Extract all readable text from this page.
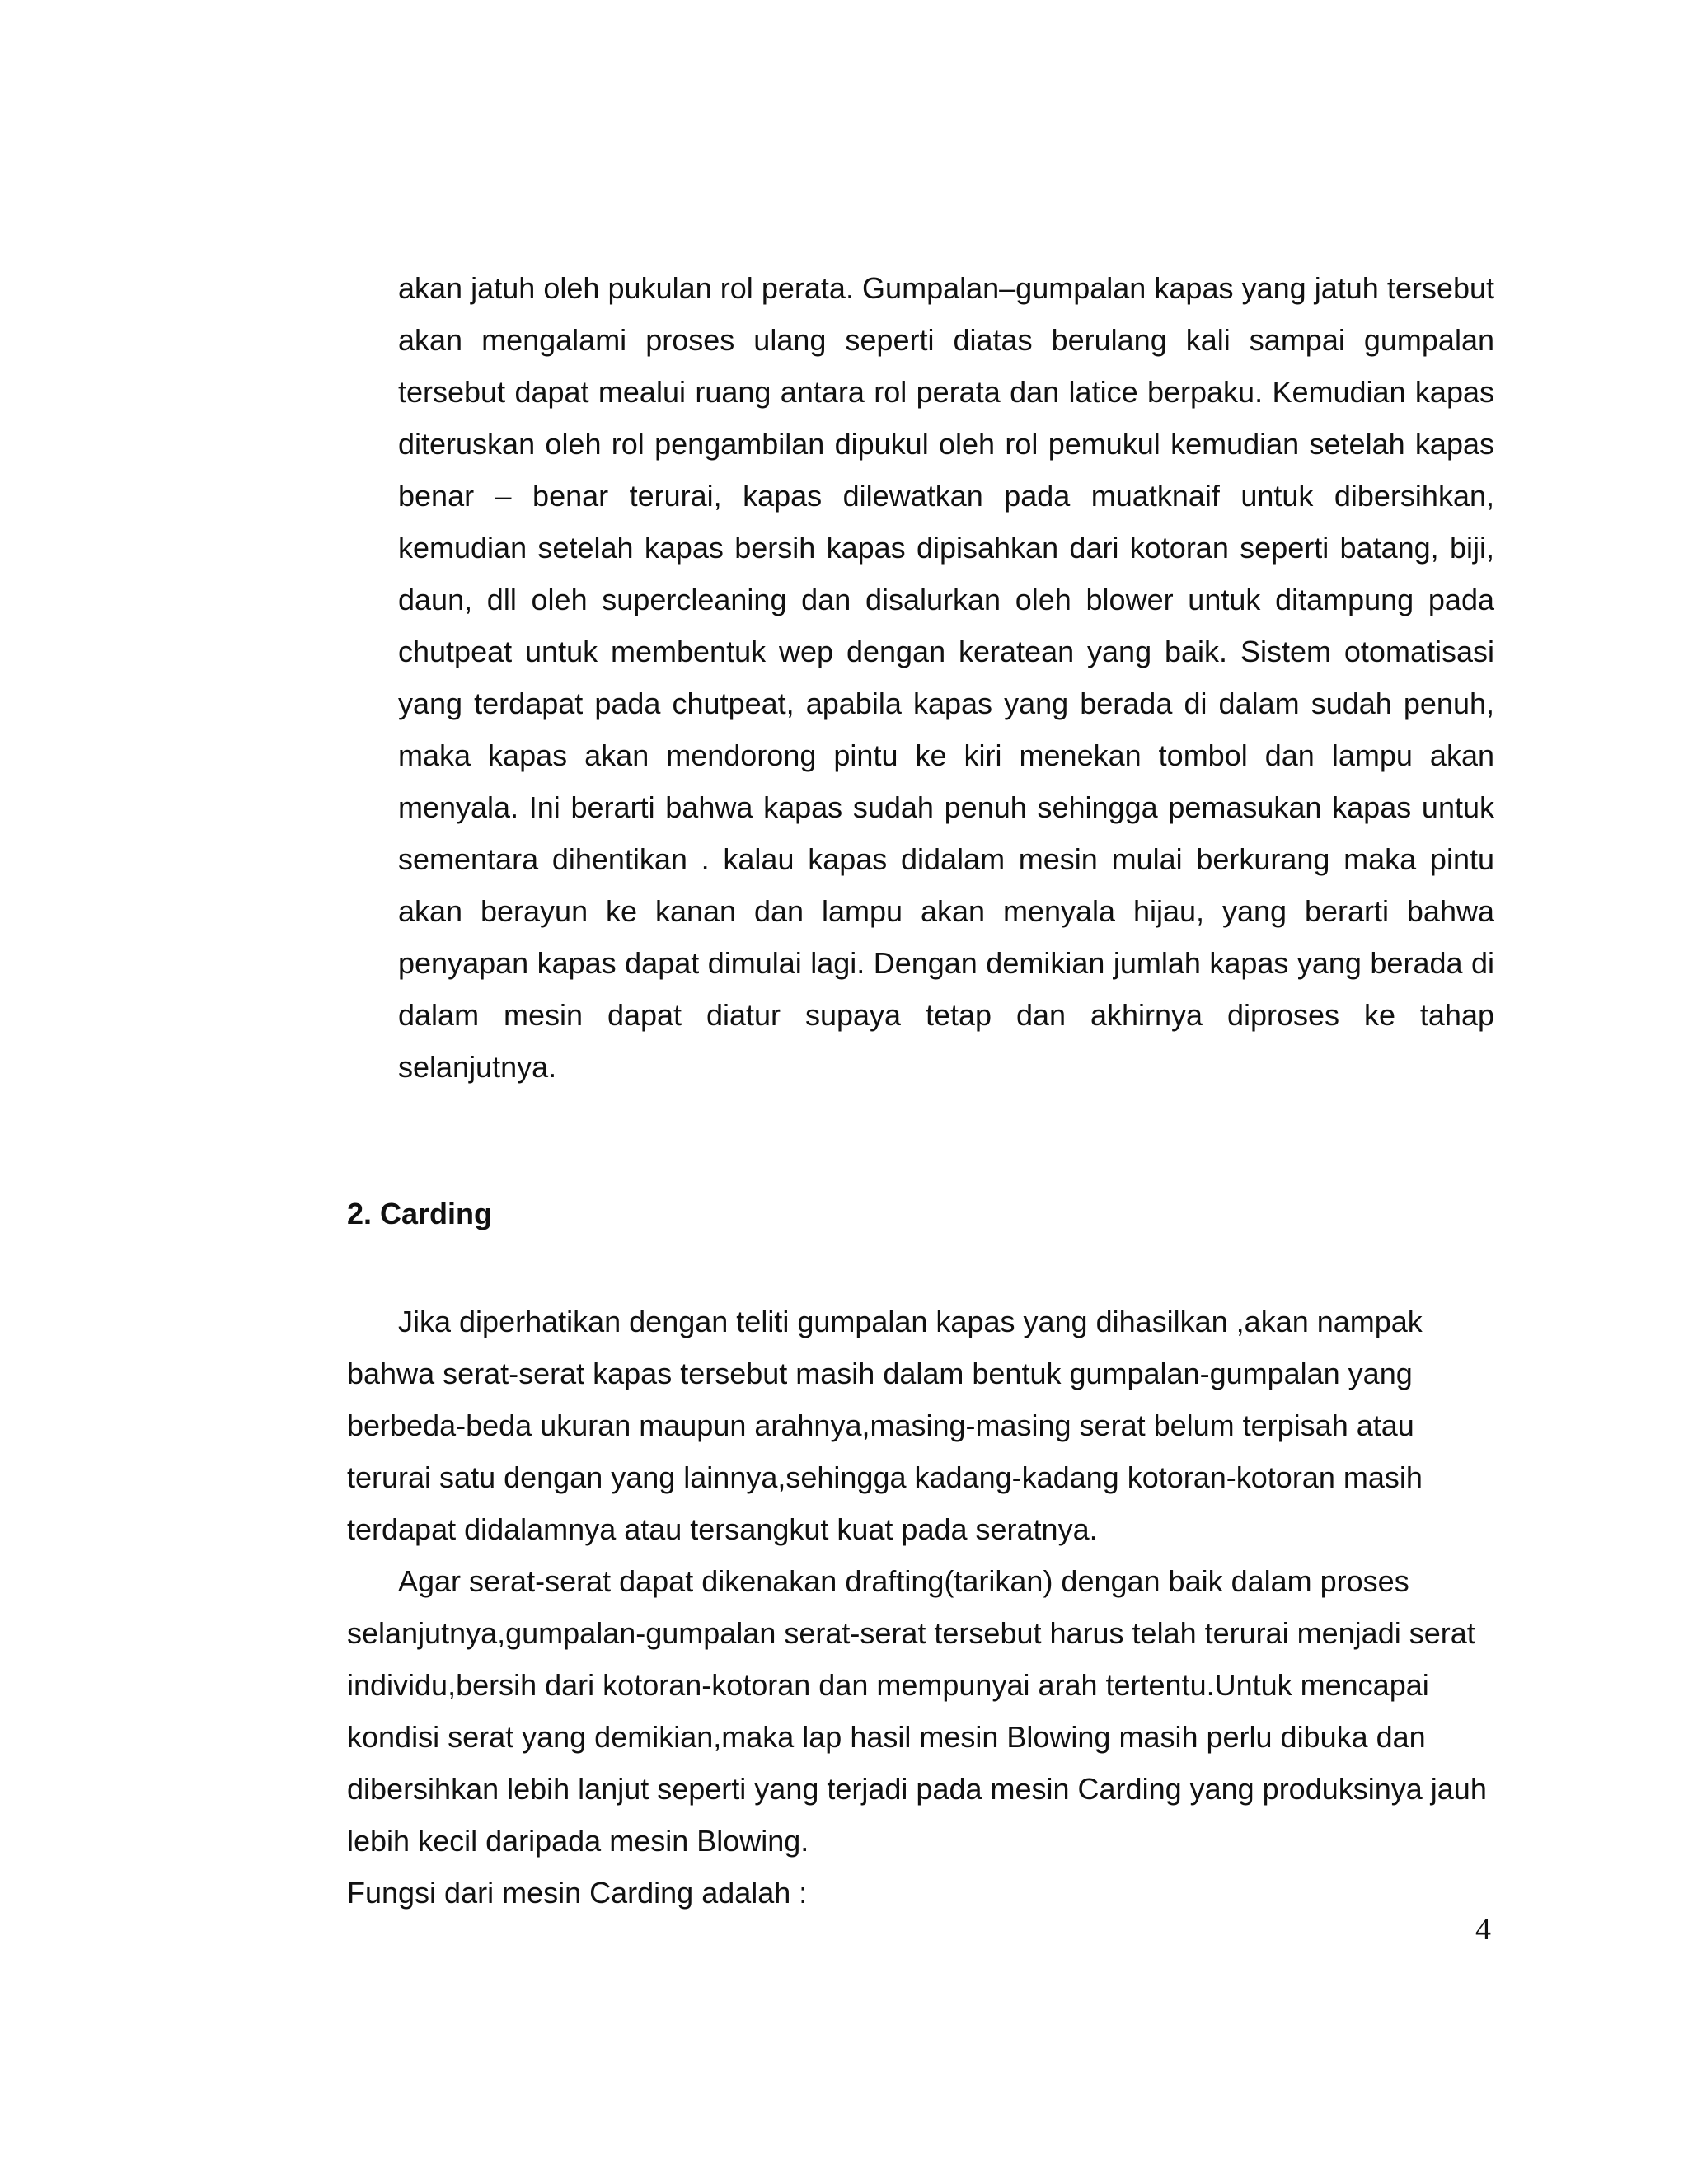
akan jatuh oleh pukulan rol perata. Gumpalan–gumpalan kapas yang jatuh tersebut akan mengalami proses ulang seperti diatas berulang kali sampai gumpalan tersebut dapat mealui ruang antara rol perata dan latice berpaku. Kemudian kapas diteruskan oleh rol pengambilan dipukul oleh rol pemukul kemudian setelah kapas benar – benar terurai, kapas dilewatkan pada muatknaif untuk dibersihkan, kemudian setelah kapas bersih kapas dipisahkan dari kotoran seperti batang, biji, daun, dll oleh supercleaning dan disalurkan oleh blower untuk ditampung pada chutpeat untuk membentuk wep dengan keratean yang baik. Sistem otomatisasi yang terdapat pada chutpeat, apabila kapas yang berada di dalam sudah penuh, maka kapas akan mendorong pintu ke kiri menekan tombol dan lampu akan menyala. Ini berarti bahwa kapas sudah penuh sehingga pemasukan kapas untuk sementara dihentikan . kalau kapas didalam mesin mulai berkurang maka pintu akan berayun ke kanan dan lampu akan menyala hijau, yang berarti bahwa penyapan kapas dapat dimulai lagi. Dengan demikian jumlah kapas yang berada di dalam mesin dapat diatur supaya tetap dan akhirnya diproses ke tahap selanjutnya.

2. Carding

Jika diperhatikan dengan teliti gumpalan kapas yang dihasilkan ,akan nampak bahwa serat-serat kapas tersebut masih dalam bentuk gumpalan-gumpalan yang berbeda-beda ukuran maupun arahnya,masing-masing serat belum terpisah atau terurai satu dengan yang lainnya,sehingga kadang-kadang kotoran-kotoran masih terdapat didalamnya atau tersangkut kuat pada seratnya.

Agar serat-serat dapat dikenakan drafting(tarikan) dengan baik dalam proses selanjutnya,gumpalan-gumpalan serat-serat tersebut harus telah terurai menjadi serat individu,bersih dari kotoran-kotoran dan mempunyai arah tertentu.Untuk mencapai kondisi serat yang demikian,maka lap hasil mesin Blowing masih perlu dibuka dan dibersihkan lebih lanjut seperti yang terjadi pada mesin Carding yang produksinya jauh lebih kecil daripada mesin Blowing.

Fungsi dari mesin Carding adalah :

4
